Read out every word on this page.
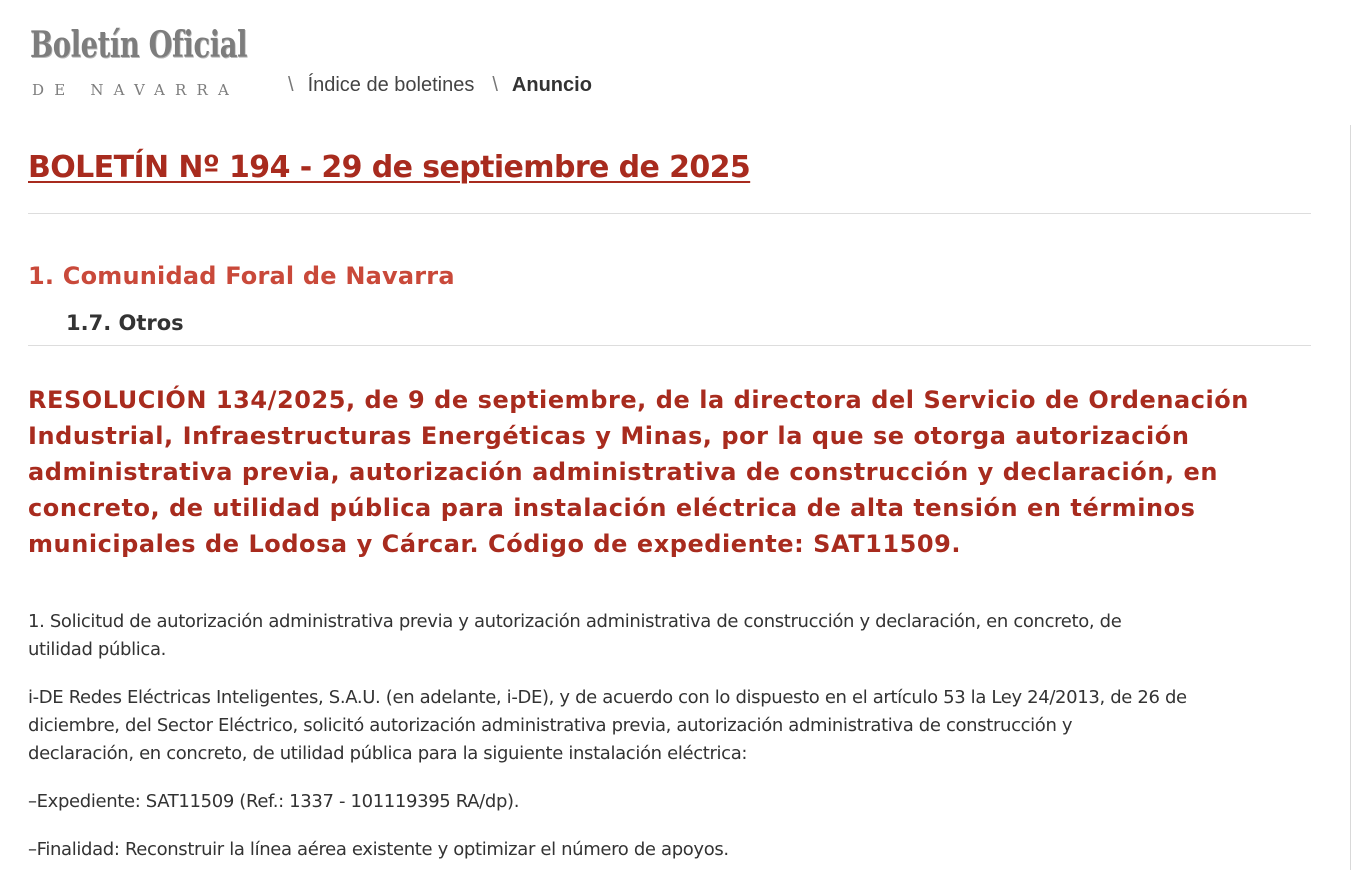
Boletín Oficial
DE NAVARRA \ Índice de boletines \ Anuncio
BOLETÍN Nº 194 - 29 de septiembre de 2025
1. Comunidad Foral de Navarra
1.7. Otros
RESOLUCIÓN 134/2025, de 9 de septiembre, de la directora del Servicio de Ordenación
Industrial, Infraestructuras Energéticas y Minas, por la que se otorga autorización
administrativa previa, autorización administrativa de construcción y declaración, en
concreto, de utilidad pública para instalación eléctrica de alta tensión en términos
municipales de Lodosa y Cárcar. Código de expediente: SAT11509.

1. Solicitud de autorización administrativa previa y autorización administrativa de construcción y declaración, en concreto, de
utilidad pública.

i-DE Redes Eléctricas Inteligentes, S.A.U. (en adelante, i-DE), y de acuerdo con lo dispuesto en el artículo 53 la Ley 24/2013, de 26 de
diciembre, del Sector Eléctrico, solicitó autorización administrativa previa, autorización administrativa de construcción y
declaración, en concreto, de utilidad pública para la siguiente instalación eléctrica:

–Expediente: SAT11509 (Ref.: 1337 - 101119395 RA/dp).

–Finalidad: Reconstruir la línea aérea existente y optimizar el número de apoyos.
